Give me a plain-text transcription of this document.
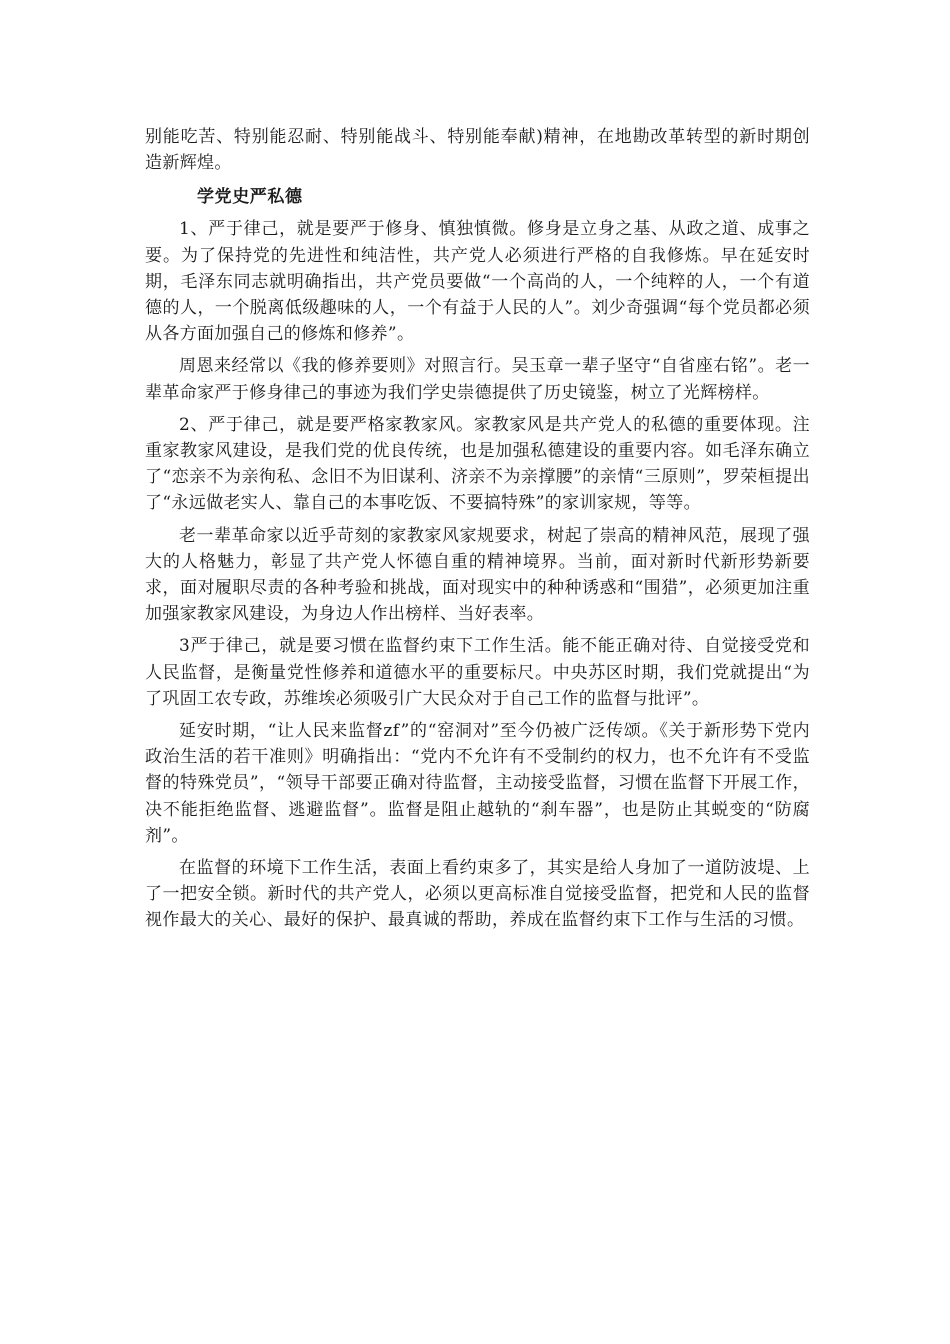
别能吃苦、特别能忍耐、特别能战斗、特别能奉献)精神，在地勘改革转型的新时期创造新辉煌。

学党史严私德

1、严于律己，就是要严于修身、慎独慎微。修身是立身之基、从政之道、成事之要。为了保持党的先进性和纯洁性，共产党人必须进行严格的自我修炼。早在延安时期，毛泽东同志就明确指出，共产党员要做“一个高尚的人，一个纯粹的人，一个有道德的人，一个脱离低级趣味的人，一个有益于人民的人”。刘少奇强调“每个党员都必须从各方面加强自己的修炼和修养”。

周恩来经常以《我的修养要则》对照言行。吴玉章一辈子坚守“自省座右铭”。老一辈革命家严于修身律己的事迹为我们学史崇德提供了历史镜鉴，树立了光辉榜样。

2、严于律己，就是要严格家教家风。家教家风是共产党人的私德的重要体现。注重家教家风建设，是我们党的优良传统，也是加强私德建设的重要内容。如毛泽东确立了“恋亲不为亲徇私、念旧不为旧谋利、济亲不为亲撑腰”的亲情“三原则”，罗荣桓提出了“永远做老实人、靠自己的本事吃饭、不要搞特殊”的家训家规，等等。

老一辈革命家以近乎苛刻的家教家风家规要求，树起了崇高的精神风范，展现了强大的人格魅力，彰显了共产党人怀德自重的精神境界。当前，面对新时代新形势新要求，面对履职尽责的各种考验和挑战，面对现实中的种种诱惑和“围猎”，必须更加注重加强家教家风建设，为身边人作出榜样、当好表率。

3严于律己，就是要习惯在监督约束下工作生活。能不能正确对待、自觉接受党和人民监督，是衡量党性修养和道德水平的重要标尺。中央苏区时期，我们党就提出“为了巩固工农专政，苏维埃必须吸引广大民众对于自己工作的监督与批评”。

延安时期，“让人民来监督zf”的“窑洞对”至今仍被广泛传颂。《关于新形势下党内政治生活的若干准则》明确指出：“党内不允许有不受制约的权力，也不允许有不受监督的特殊党员”，“领导干部要正确对待监督，主动接受监督，习惯在监督下开展工作，决不能拒绝监督、逃避监督”。监督是阻止越轨的“刹车器”，也是防止其蜕变的“防腐剂”。

在监督的环境下工作生活，表面上看约束多了，其实是给人身加了一道防波堤、上了一把安全锁。新时代的共产党人，必须以更高标准自觉接受监督，把党和人民的监督视作最大的关心、最好的保护、最真诚的帮助，养成在监督约束下工作与生活的习惯。
